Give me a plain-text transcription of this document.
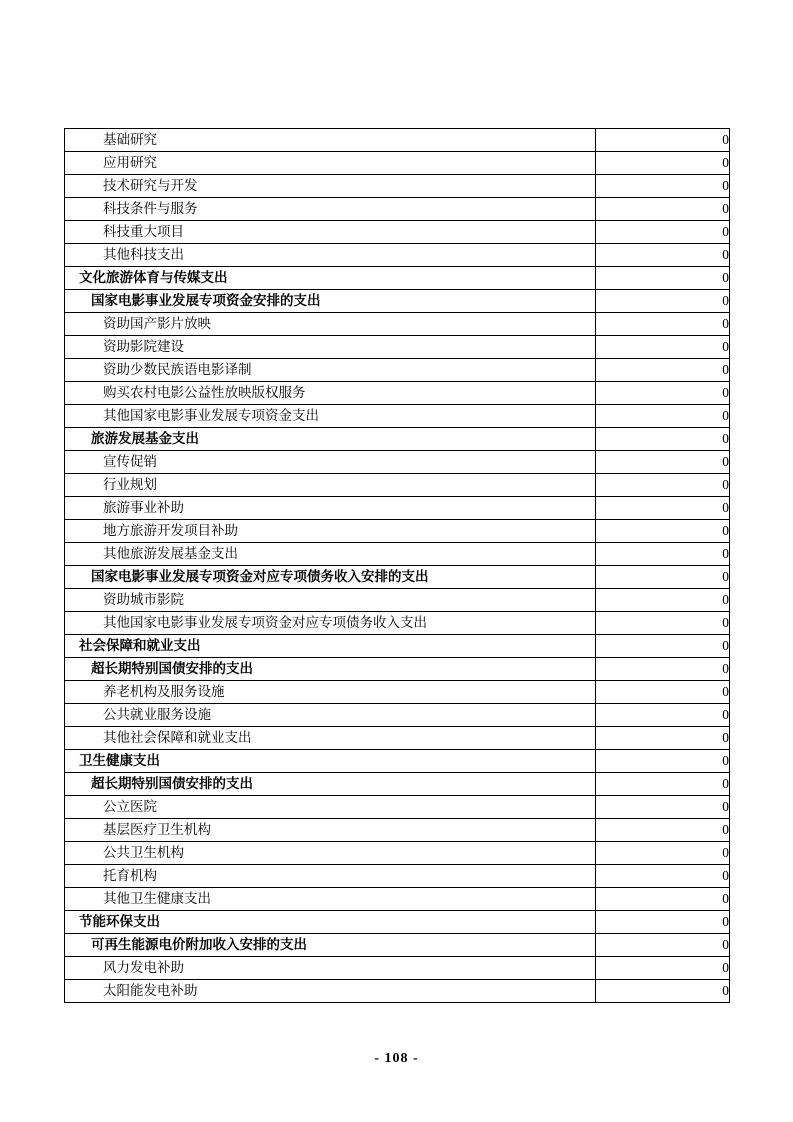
基础研究	0

应用研究	0

技术研究与开发	0

科技条件与服务	0

科技重大项目	0

其他科技支出	0

文化旅游体育与传媒支出	0

国家电影事业发展专项资金安排的支出	0

资助国产影片放映	0

资助影院建设	0

资助少数民族语电影译制	0

购买农村电影公益性放映版权服务	0

其他国家电影事业发展专项资金支出	0

旅游发展基金支出	0

宣传促销	0

行业规划	0

旅游事业补助	0

地方旅游开发项目补助	0

其他旅游发展基金支出	0

国家电影事业发展专项资金对应专项债务收入安排的支出	0

资助城市影院	0

其他国家电影事业发展专项资金对应专项债务收入支出	0

社会保障和就业支出	0

超长期特别国债安排的支出	0

养老机构及服务设施	0

公共就业服务设施	0

其他社会保障和就业支出	0

卫生健康支出	0

超长期特别国债安排的支出	0

公立医院	0

基层医疗卫生机构	0

公共卫生机构	0

托育机构	0

其他卫生健康支出	0

节能环保支出	0

可再生能源电价附加收入安排的支出	0

风力发电补助	0

太阳能发电补助	0
- 108 -
